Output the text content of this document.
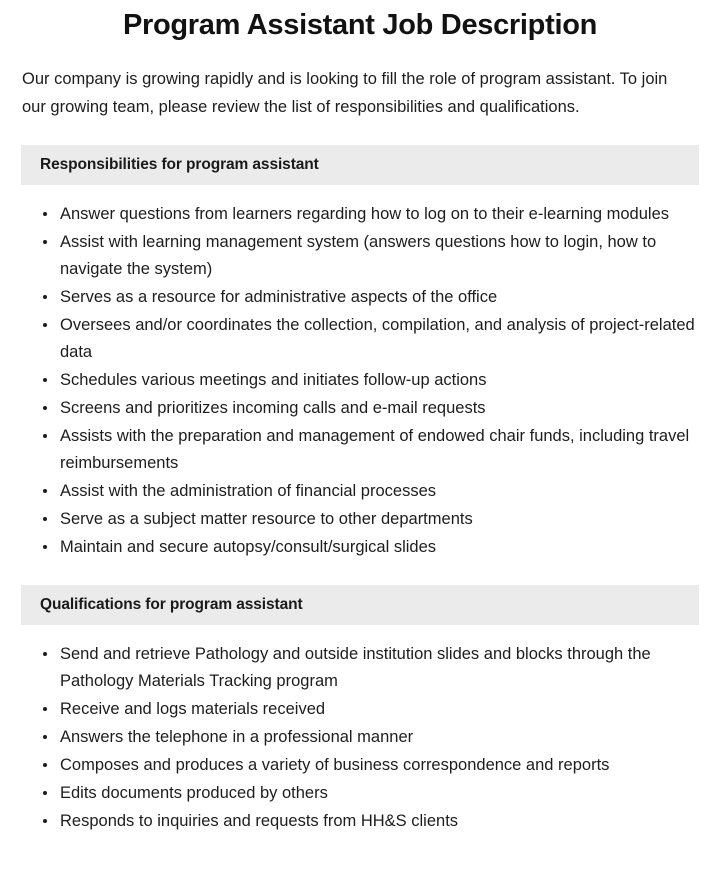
Program Assistant Job Description

Our company is growing rapidly and is looking to fill the role of program assistant. To join our growing team, please review the list of responsibilities and qualifications.

Responsibilities for program assistant
Answer questions from learners regarding how to log on to their e-learning modules
Assist with learning management system (answers questions how to login, how to navigate the system)
Serves as a resource for administrative aspects of the office
Oversees and/or coordinates the collection, compilation, and analysis of project-related data
Schedules various meetings and initiates follow-up actions
Screens and prioritizes incoming calls and e-mail requests
Assists with the preparation and management of endowed chair funds, including travel reimbursements
Assist with the administration of financial processes
Serve as a subject matter resource to other departments
Maintain and secure autopsy/consult/surgical slides
Qualifications for program assistant
Send and retrieve Pathology and outside institution slides and blocks through the Pathology Materials Tracking program
Receive and logs materials received
Answers the telephone in a professional manner
Composes and produces a variety of business correspondence and reports
Edits documents produced by others
Responds to inquiries and requests from HH&S clients
